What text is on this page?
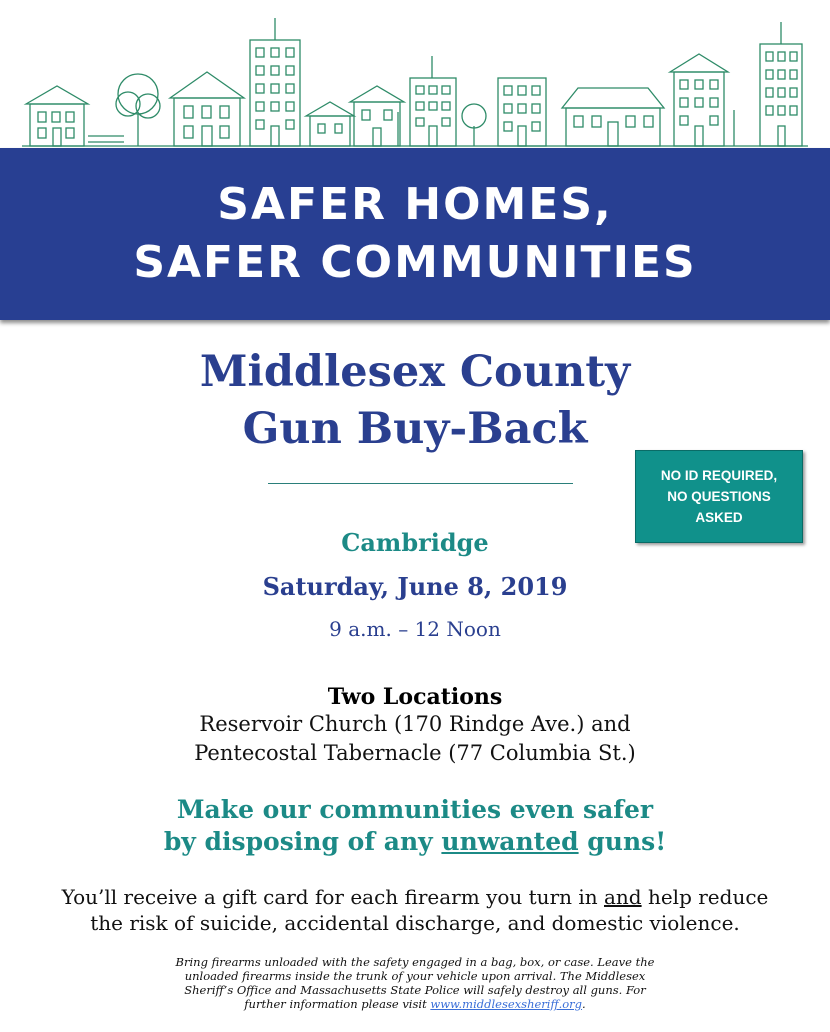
SAFER HOMES,
SAFER COMMUNITIES
Middlesex County
Gun Buy-Back
NO ID REQUIRED,
NO QUESTIONS
ASKED
Cambridge
Saturday, June 8, 2019
9 a.m. – 12 Noon
Two Locations
Reservoir Church (170 Rindge Ave.) and
Pentecostal Tabernacle (77 Columbia St.)
Make our communities even safer
by disposing of any unwanted guns!
You’ll receive a gift card for each firearm you turn in and help reduce
the risk of suicide, accidental discharge, and domestic violence.
Bring firearms unloaded with the safety engaged in a bag, box, or case. Leave the
unloaded firearms inside the trunk of your vehicle upon arrival. The Middlesex
Sheriff’s Office and Massachusetts State Police will safely destroy all guns. For
further information please visit www.middlesexsheriff.org.
